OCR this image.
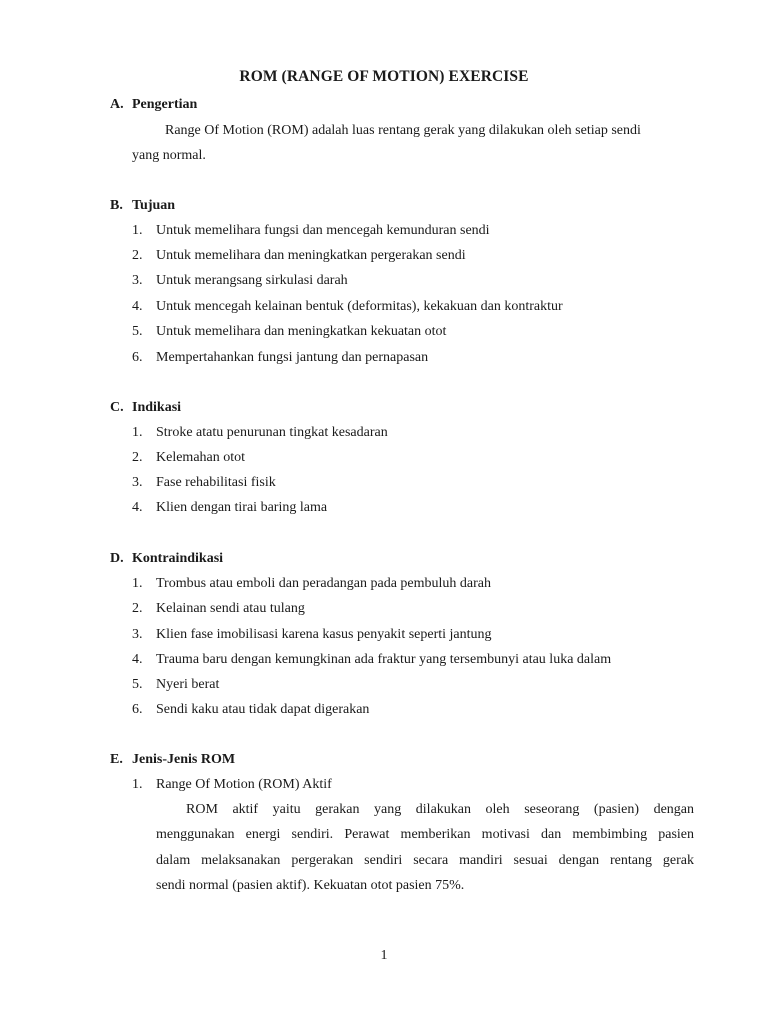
ROM (RANGE OF MOTION) EXERCISE
A. Pengertian
Range Of Motion (ROM) adalah luas rentang gerak yang dilakukan oleh setiap sendi
yang normal.
B. Tujuan
1. Untuk memelihara fungsi dan mencegah kemunduran sendi
2. Untuk memelihara dan meningkatkan pergerakan sendi
3. Untuk merangsang sirkulasi darah
4. Untuk mencegah kelainan bentuk (deformitas), kekakuan dan kontraktur
5. Untuk memelihara dan meningkatkan kekuatan otot
6. Mempertahankan fungsi jantung dan pernapasan
C. Indikasi
1. Stroke atatu penurunan tingkat kesadaran
2. Kelemahan otot
3. Fase rehabilitasi fisik
4. Klien dengan tirai baring lama
D. Kontraindikasi
1. Trombus atau emboli dan peradangan pada pembuluh darah
2. Kelainan sendi atau tulang
3. Klien fase imobilisasi karena kasus penyakit seperti jantung
4. Trauma baru dengan kemungkinan ada fraktur yang tersembunyi atau luka dalam
5. Nyeri berat
6. Sendi kaku atau tidak dapat digerakan
E. Jenis-Jenis ROM
1. Range Of Motion (ROM) Aktif
ROM aktif yaitu gerakan yang dilakukan oleh seseorang (pasien) dengan
menggunakan energi sendiri. Perawat memberikan motivasi dan membimbing pasien
dalam melaksanakan pergerakan sendiri secara mandiri sesuai dengan rentang gerak
sendi normal (pasien aktif). Kekuatan otot pasien 75%.
1
